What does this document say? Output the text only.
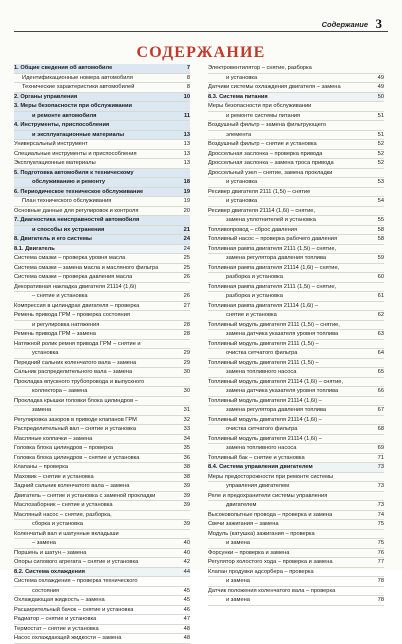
Содержание 3
СОДЕРЖАНИЕ
1. Общие сведения об автомобиле	7
Идентификационные номера автомобиля	8
Технические характеристики автомобилей	8
2. Органы управления	10
3. Меры безопасности при обслуживании
и ремонте автомобиля	11
4. Инструменты, приспособления
и эксплуатационные материалы	13
Универсальный инструмент	13
Специальные инструменты и приспособления	13
Эксплуатационные материалы	13
5. Подготовка автомобиля к техническому
обслуживанию и ремонту	18
6. Периодическое техническое обслуживание	19
План технического обслуживания	19
Основные данные для регулировок и контроля	20
7. Диагностика неисправностей автомобиля
и способы их устранения	21
8. Двигатель и его системы	24
8.1. Двигатель	24
Система смазки – проверка уровня масла	25
Система смазки – замена масла и масляного фильтра	25
Система смазки – проверка давления масла	26
Декоративная накладка двигателя 21114 (1,6i)
– снятие и установка	26
Компрессия в цилиндрах двигателя – проверка	27
Ремень привода ГРМ – проверка состояния
и регулировка натяжения	28
Ремень привода ГРМ – замена	28
Натяжной ролик ремня привода ГРМ – снятие и
установка	29
Передний сальник коленчатого вала – замена	29
Сальник распределительного вала – замена	30
Прокладка впускного трубопровода и выпускного
коллектора – замена	30
Прокладка крышки головки блока цилиндров –
замена	31
Регулировка зазоров в приводе клапанов ГРМ	32
Распределительный вал – снятие и установка	33
Масляные колпачки – замена	34
Головка блока цилиндров – проверка	35
Головка блока цилиндров – снятие и установка	36
Клапаны – проверка	38
Маховик – снятие и установка	38
Задний сальник коленчатого вала – замена	39
Двигатель – снятие и установка с заменой прокладки	39
Маслозаборник – снятие и установка	39
Масляный насос – снятие, разборка,
сборка и установка	39
Коленчатый вал и шатунные вкладыши
– замена	40
Поршень и шатун – замена	40
Опоры силового агрегата – снятие и установка	42
8.2. Система охлаждения	44
Система охлаждения – проверка технического
состояния	45
Охлаждающая жидкость – замена	45
Расширительный бачок – снятие и установка	46
Радиатор – снятие и установка	47
Термостат – снятие и установка	48
Насос охлаждающей жидкости – замена	48
Электровентилятор – снятие, разборка
и установка	49
Датчики системы охлаждения двигателя – замена	49
8.3. Система питания	50
Меры безопасности при обслуживании
и ремонте системы питания	51
Воздушный фильтр – замена фильтрующего
элемента	51
Воздушный фильтр – снятие и установка	52
Дроссельная заслонка – проверка привода	52
Дроссельная заслонка – замена троса привода	52
Дроссельный узел – снятие, замена прокладки
и установка	53
Ресивер двигателя 2111 (1,5i) – снятие
и установка	54
Ресивер двигателя 21114 (1,6i) – снятие,
замена уплотнителей и установка	55
Топливопровод – сброс давления	58
Топливный насос – проверка рабочего давления	58
Топливная рампа двигателя 2111 (1,5i) – снятие,
замена регулятора давления топлива	59
Топливная рампа двигателя 21114 (1,6i) – снятие,
разборка и установка	60
Топливная рампа двигателя 2111 (1,5i) – снятие,
разборка и установка	61
Топливная рампа двигателя 21114 (1,6i) –
снятие и установка	62
Топливный модуль двигателя 2111 (1,5i) – снятие,
замена датчика указателя уровня топлива	63
Топливный модуль двигателя 2111 (1,5i) –
очистка сетчатого фильтра	64
Топливный модуль двигателя 2111 (1,5i) –
замена топливного насоса	65
Топливный модуль двигателя 21114 (1,6i) – снятие,
замена датчика указателя уровня топлива	66
Топливный модуль двигателя 21114 (1,6i) –
замена регулятора давления топлива	67
Топливный модуль двигателя 21114 (1,6i) –
очистка сетчатого фильтра	68
Топливный модуль двигателя 21114 (1,6i) –
замена топливного насоса	69
Топливный бак – снятие и установка	71
8.4. Система управления двигателем	73
Меры предосторожности при ремонте системы
управления двигателем	73
Реле и предохранители системы управления
двигателем	73
Высоковольтные провода – проверка и замена	74
Свечи зажигания – замена	75
Модуль (катушка) зажигания – проверка
и замена	75
Форсунки – проверка и замена	76
Регулятор холостого хода – проверка и замена	77
Клапан продувки адсорбера – проверка
и замена	78
Датчик положения коленчатого вала – проверка
и замена	78
